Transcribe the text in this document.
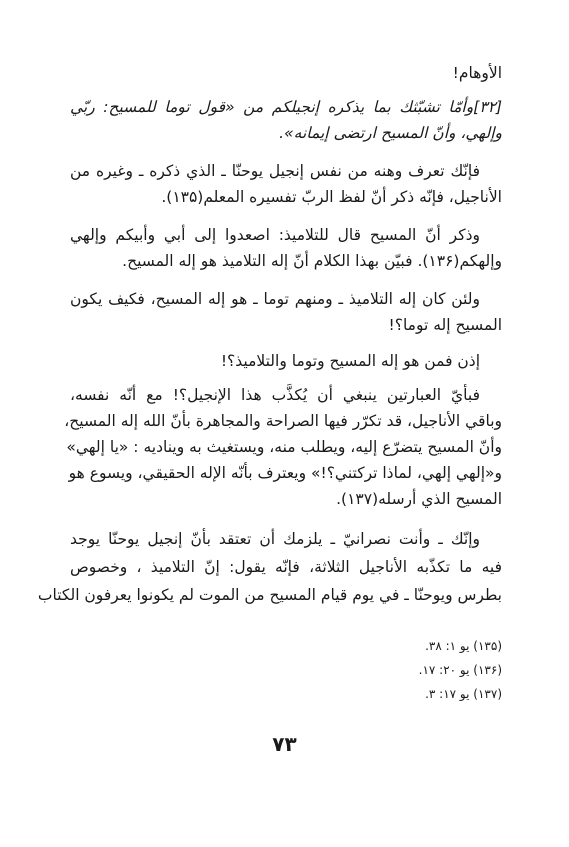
الأوهام!
[۳۲]وأمّا تشبّثك بما يذكره إنجيلكم من «قول توما للمسيح: ربّي
وإلهي، وأنّ المسيح ارتضى إيمانه».
فإنّك تعرف وهنه من نفس إنجيل يوحنّا ـ الذي ذكره ـ وغيره من
الأناجيل، فإنّه ذكر أنّ لفظ الربّ تفسيره المعلم(۱۳۵).
وذكر أنّ المسيح قال للتلاميذ: اصعدوا إلى أبي وأبيكم وإلهي
وإلهكم(۱۳۶). فبيّن بهذا الكلام أنّ إله التلاميذ هو إله المسيح.
ولئن كان إله التلاميذ ـ ومنهم توما ـ هو إله المسيح، فكيف يكون
المسيح إله توما؟!
إذن فمن هو إله المسيح وتوما والتلاميذ؟!
فبأيّ العبارتين ينبغي أن يُكذَّب هذا الإنجيل؟! مع أنّه نفسه،
وباقي الأناجيل، قد تكرّر فيها الصراحة والمجاهرة بأنّ الله إله المسيح،
وأنّ المسيح يتضرّع إليه، ويطلب منه، ويستغيث به ويناديه : «يا إلهي»
و«إلهي إلهي، لماذا تركتني؟!» ويعترف بأنّه الإله الحقيقي، ويسوع هو
المسيح الذي أرسله(۱۳۷).
وإنّك ـ وأنت نصرانيّ ـ يلزمك أن تعتقد بأنّ إنجيل يوحنّا يوجد
فيه ما تكذّبه الأناجيل الثلاثة، فإنّه يقول: إنّ التلاميذ ، وخصوص
بطرس ويوحنّا ـ في يوم قيام المسيح من الموت لم يكونوا يعرفون الكتاب
(۱۳۵) يو ۱: ۳۸.
(۱۳۶) يو ۲۰: ۱۷.
(۱۳۷) يو ۱۷: ۳.
۷۳
